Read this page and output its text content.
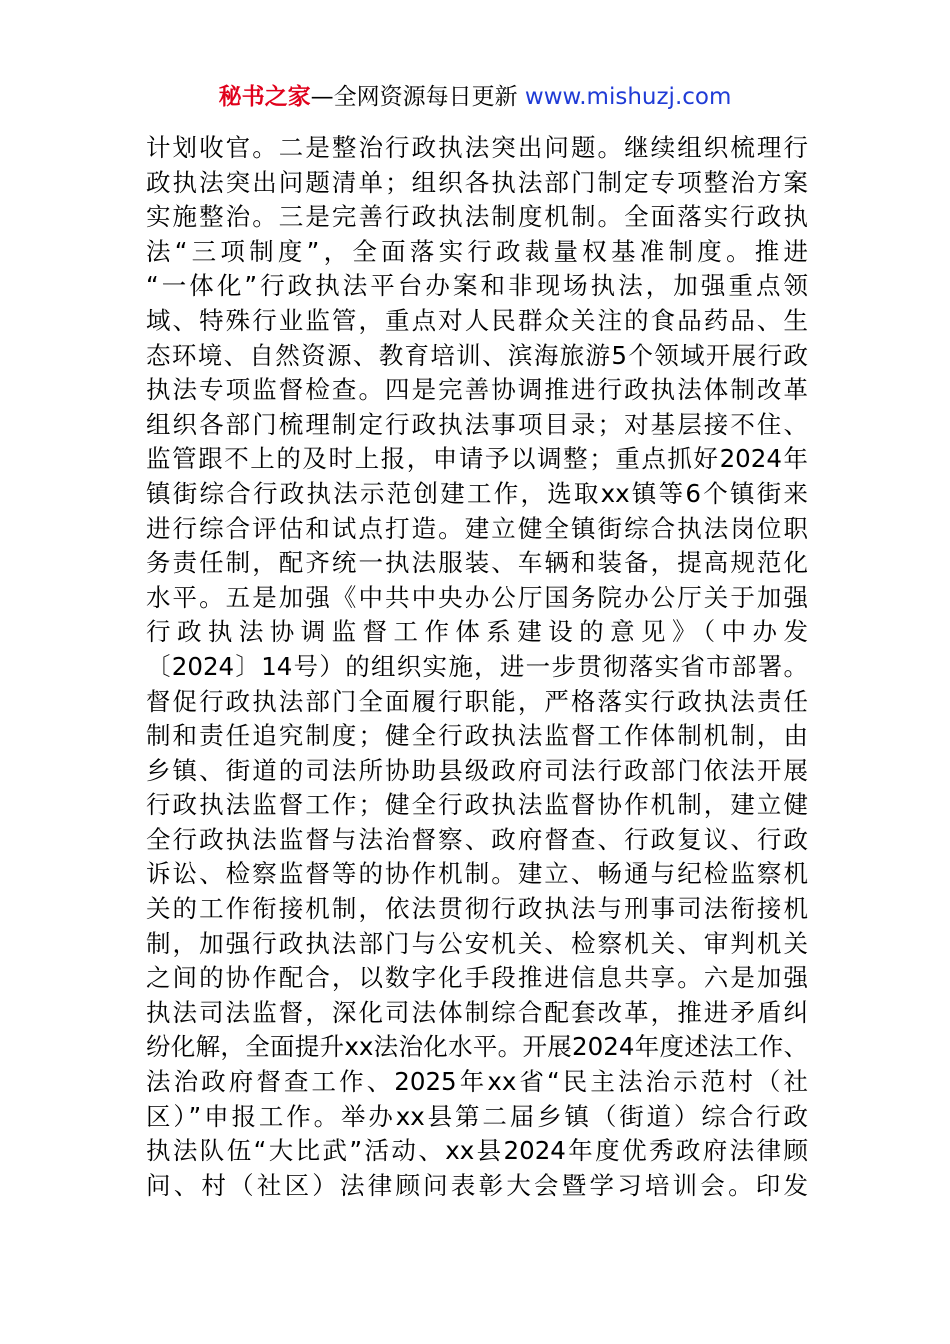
秘书之家—全网资源每日更新 www.mishuzj.com
计划收官。二是整治行政执法突出问题。继续组织梳理行
政执法突出问题清单；组织各执法部门制定专项整治方案
实施整治。三是完善行政执法制度机制。全面落实行政执
法“三项制度”，全面落实行政裁量权基准制度。推进
“一体化”行政执法平台办案和非现场执法，加强重点领
域、特殊行业监管，重点对人民群众关注的食品药品、生
态环境、自然资源、教育培训、滨海旅游5个领域开展行政
执法专项监督检查。四是完善协调推进行政执法体制改革
组织各部门梳理制定行政执法事项目录；对基层接不住、
监管跟不上的及时上报，申请予以调整；重点抓好2024年
镇街综合行政执法示范创建工作，选取xx镇等6个镇街来
进行综合评估和试点打造。建立健全镇街综合执法岗位职
务责任制，配齐统一执法服装、车辆和装备，提高规范化
水平。五是加强《中共中央办公厅国务院办公厅关于加强
行政执法协调监督工作体系建设的意见》（中办发
〔2024〕14号）的组织实施，进一步贯彻落实省市部署。
督促行政执法部门全面履行职能，严格落实行政执法责任
制和责任追究制度；健全行政执法监督工作体制机制，由
乡镇、街道的司法所协助县级政府司法行政部门依法开展
行政执法监督工作；健全行政执法监督协作机制，建立健
全行政执法监督与法治督察、政府督查、行政复议、行政
诉讼、检察监督等的协作机制。建立、畅通与纪检监察机
关的工作衔接机制，依法贯彻行政执法与刑事司法衔接机
制，加强行政执法部门与公安机关、检察机关、审判机关
之间的协作配合，以数字化手段推进信息共享。六是加强
执法司法监督，深化司法体制综合配套改革，推进矛盾纠
纷化解，全面提升xx法治化水平。开展2024年度述法工作、
法治政府督查工作、2025年xx省“民主法治示范村（社
区）”申报工作。举办xx县第二届乡镇（街道）综合行政
执法队伍“大比武”活动、xx县2024年度优秀政府法律顾
问、村（社区）法律顾问表彰大会暨学习培训会。印发
